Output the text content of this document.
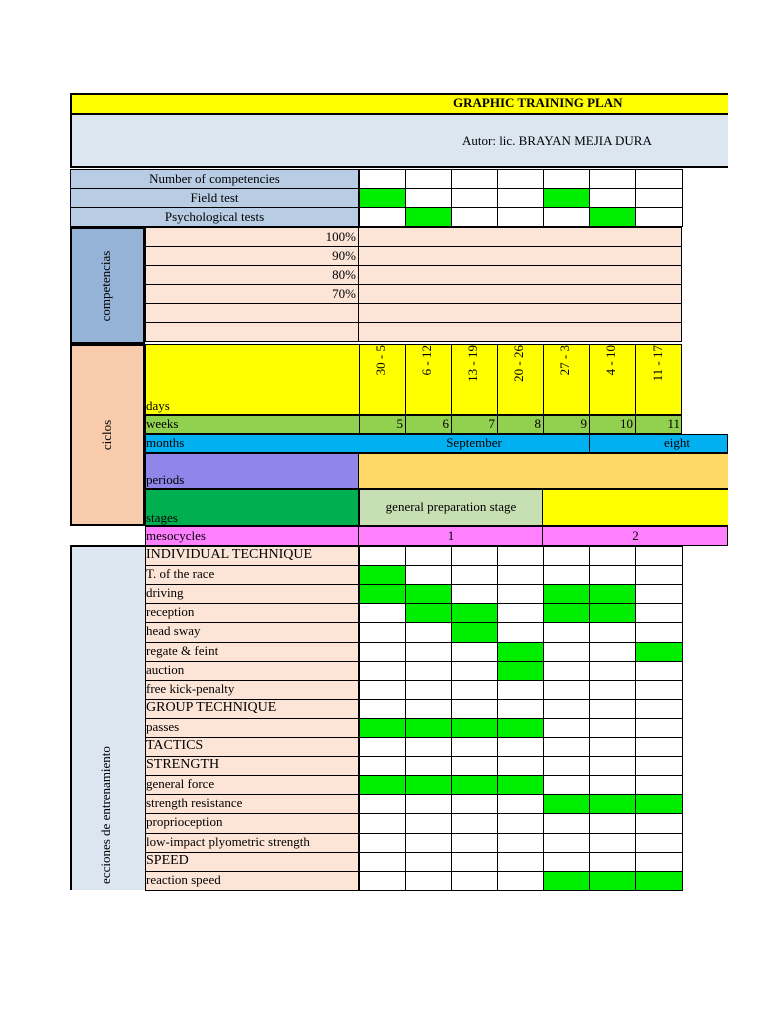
GRAPHIC TRAINING PLAN
Autor: lic. BRAYAN MEJIA DURA
Number of competencies
Field test
Psychological tests
competencias
100%
90%
80%
70%
ciclos
days
30 - 5 6 - 12 13 - 19 20 - 26 27 - 3 4 - 10 11 - 17
weeks	5	6	7	8	9	10	11
months	September	eight
periods
stages
general preparation stage
mesocycles	1	2
ecciones de entrenamiento
INDIVIDUAL TECHNIQUE
T. of the race
driving
reception
head sway
regate & feint
auction
free kick-penalty
GROUP TECHNIQUE
passes
TACTICS
STRENGTH
general force
strength resistance
proprioception
low-impact plyometric strength
SPEED
reaction speed
